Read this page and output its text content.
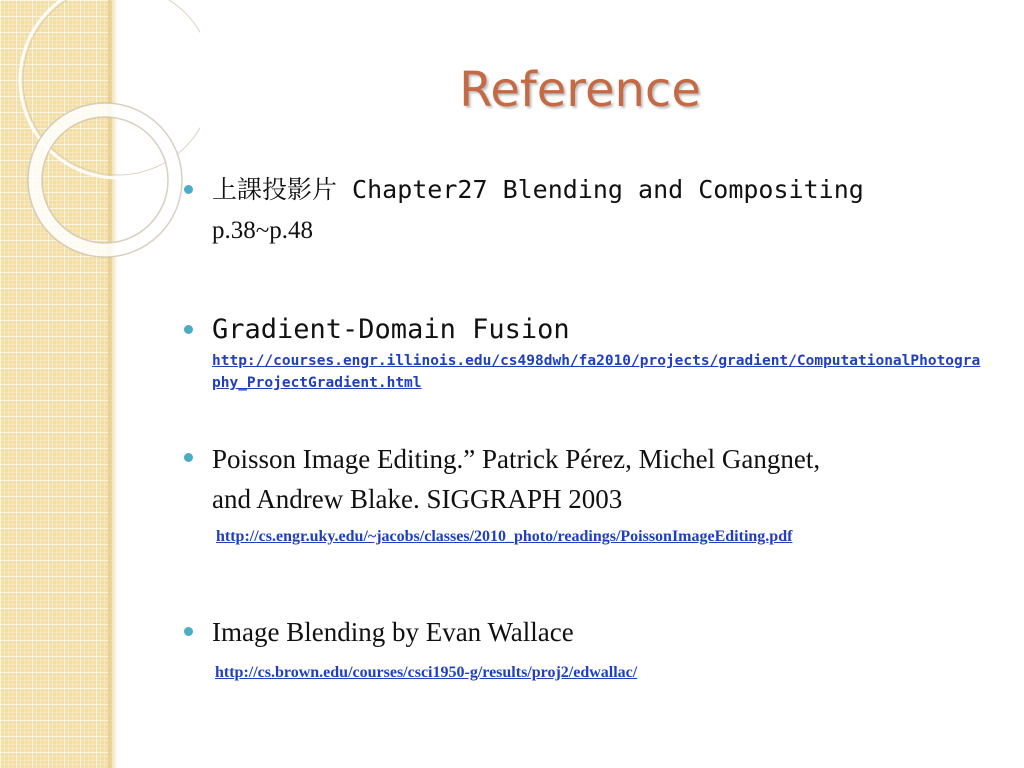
Reference
上課投影片 Chapter27 Blending and Compositing
p.38~p.48
Gradient-Domain Fusion
http://courses.engr.illinois.edu/cs498dwh/fa2010/projects/gradient/ComputationalPhotography_ProjectGradient.html
Poisson Image Editing.” Patrick Pérez, Michel Gangnet,
and Andrew Blake. SIGGRAPH 2003
http://cs.engr.uky.edu/~jacobs/classes/2010_photo/readings/PoissonImageEditing.pdf
Image Blending by Evan Wallace
http://cs.brown.edu/courses/csci1950-g/results/proj2/edwallac/
